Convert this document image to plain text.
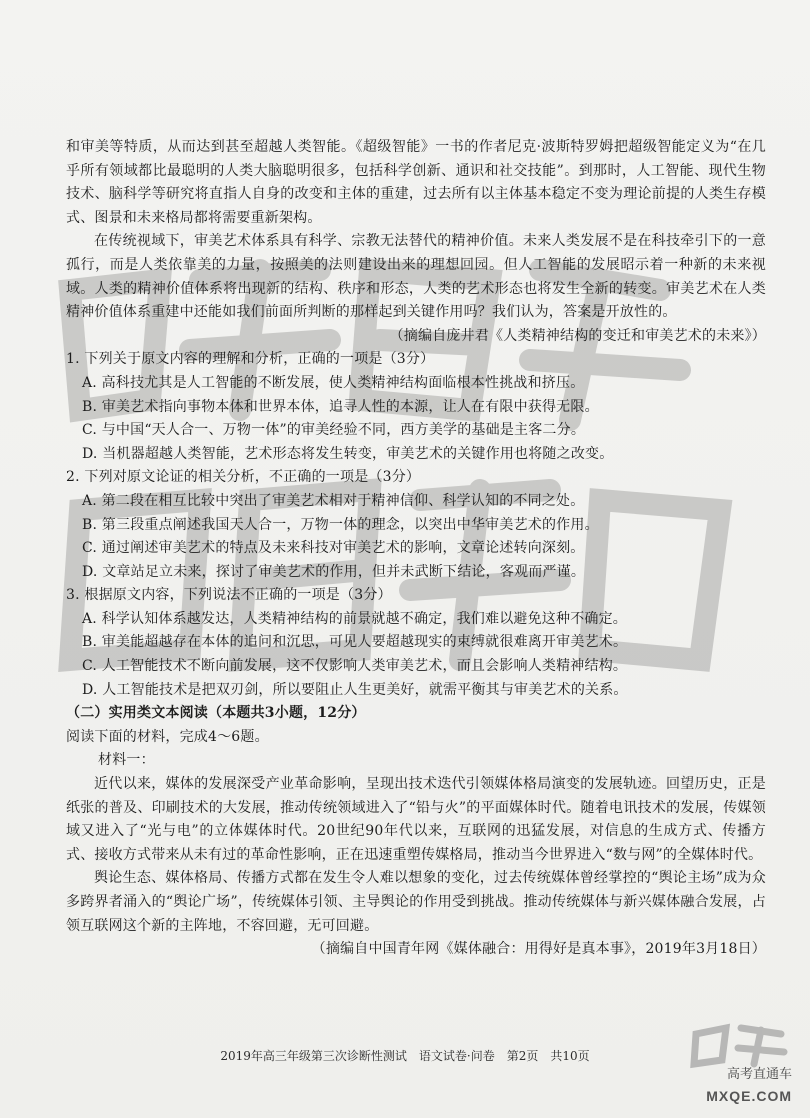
和审美等特质，从而达到甚至超越人类智能。《超级智能》一书的作者尼克·波斯特罗姆把超级智能定义为“在几乎所有领域都比最聪明的人类大脑聪明很多，包括科学创新、通识和社交技能”。到那时，人工智能、现代生物技术、脑科学等研究将直指人自身的改变和主体的重建，过去所有以主体基本稳定不变为理论前提的人类生存模式、图景和未来格局都将需要重新架构。

在传统视域下，审美艺术体系具有科学、宗教无法替代的精神价值。未来人类发展不是在科技牵引下的一意孤行，而是人类依靠美的力量，按照美的法则建设出来的理想回园。但人工智能的发展昭示着一种新的未来视域。人类的精神价值体系将出现新的结构、秩序和形态，人类的艺术形态也将发生全新的转变。审美艺术在人类精神价值体系重建中还能如我们前面所判断的那样起到关键作用吗？我们认为，答案是开放性的。

（摘编自庞井君《人类精神结构的变迁和审美艺术的未来》）

1. 下列关于原文内容的理解和分析，正确的一项是（3分）

A. 高科技尤其是人工智能的不断发展，使人类精神结构面临根本性挑战和挤压。

B. 审美艺术指向事物本体和世界本体，追寻人性的本源，让人在有限中获得无限。

C. 与中国“天人合一、万物一体”的审美经验不同，西方美学的基础是主客二分。

D. 当机器超越人类智能，艺术形态将发生转变，审美艺术的关键作用也将随之改变。

2. 下列对原文论证的相关分析，不正确的一项是（3分）

A. 第二段在相互比较中突出了审美艺术相对于精神信仰、科学认知的不同之处。

B. 第三段重点阐述我国天人合一，万物一体的理念，以突出中华审美艺术的作用。

C. 通过阐述审美艺术的特点及未来科技对审美艺术的影响，文章论述转向深刻。

D. 文章站足立未来，探讨了审美艺术的作用，但并未武断下结论，客观而严谨。

3. 根据原文内容，下列说法不正确的一项是（3分）

A. 科学认知体系越发达，人类精神结构的前景就越不确定，我们难以避免这种不确定。

B. 审美能超越存在本体的追问和沉思，可见人要超越现实的束缚就很难离开审美艺术。

C. 人工智能技术不断向前发展，这不仅影响人类审美艺术，而且会影响人类精神结构。

D. 人工智能技术是把双刃剑，所以要阻止人生更美好，就需平衡其与审美艺术的关系。

（二）实用类文本阅读（本题共3小题，12分）

阅读下面的材料，完成4～6题。

材料一：

近代以来，媒体的发展深受产业革命影响，呈现出技术迭代引领媒体格局演变的发展轨迹。回望历史，正是纸张的普及、印刷技术的大发展，推动传统领域进入了“铅与火”的平面媒体时代。随着电讯技术的发展，传媒领域又进入了“光与电”的立体媒体时代。20世纪90年代以来，互联网的迅猛发展，对信息的生成方式、传播方式、接收方式带来从未有过的革命性影响，正在迅速重塑传媒格局，推动当今世界进入“数与网”的全媒体时代。

舆论生态、媒体格局、传播方式都在发生令人难以想象的变化，过去传统媒体曾经掌控的“舆论主场”成为众多跨界者涌入的“舆论广场”，传统媒体引领、主导舆论的作用受到挑战。推动传统媒体与新兴媒体融合发展，占领互联网这个新的主阵地，不容回避，无可回避。

（摘编自中国青年网《媒体融合：用得好是真本事》，2019年3月18日）

2019年高三年级第三次诊断性测试　语文试卷·问卷　第2页　共10页
高考直通车
MXQE.COM
